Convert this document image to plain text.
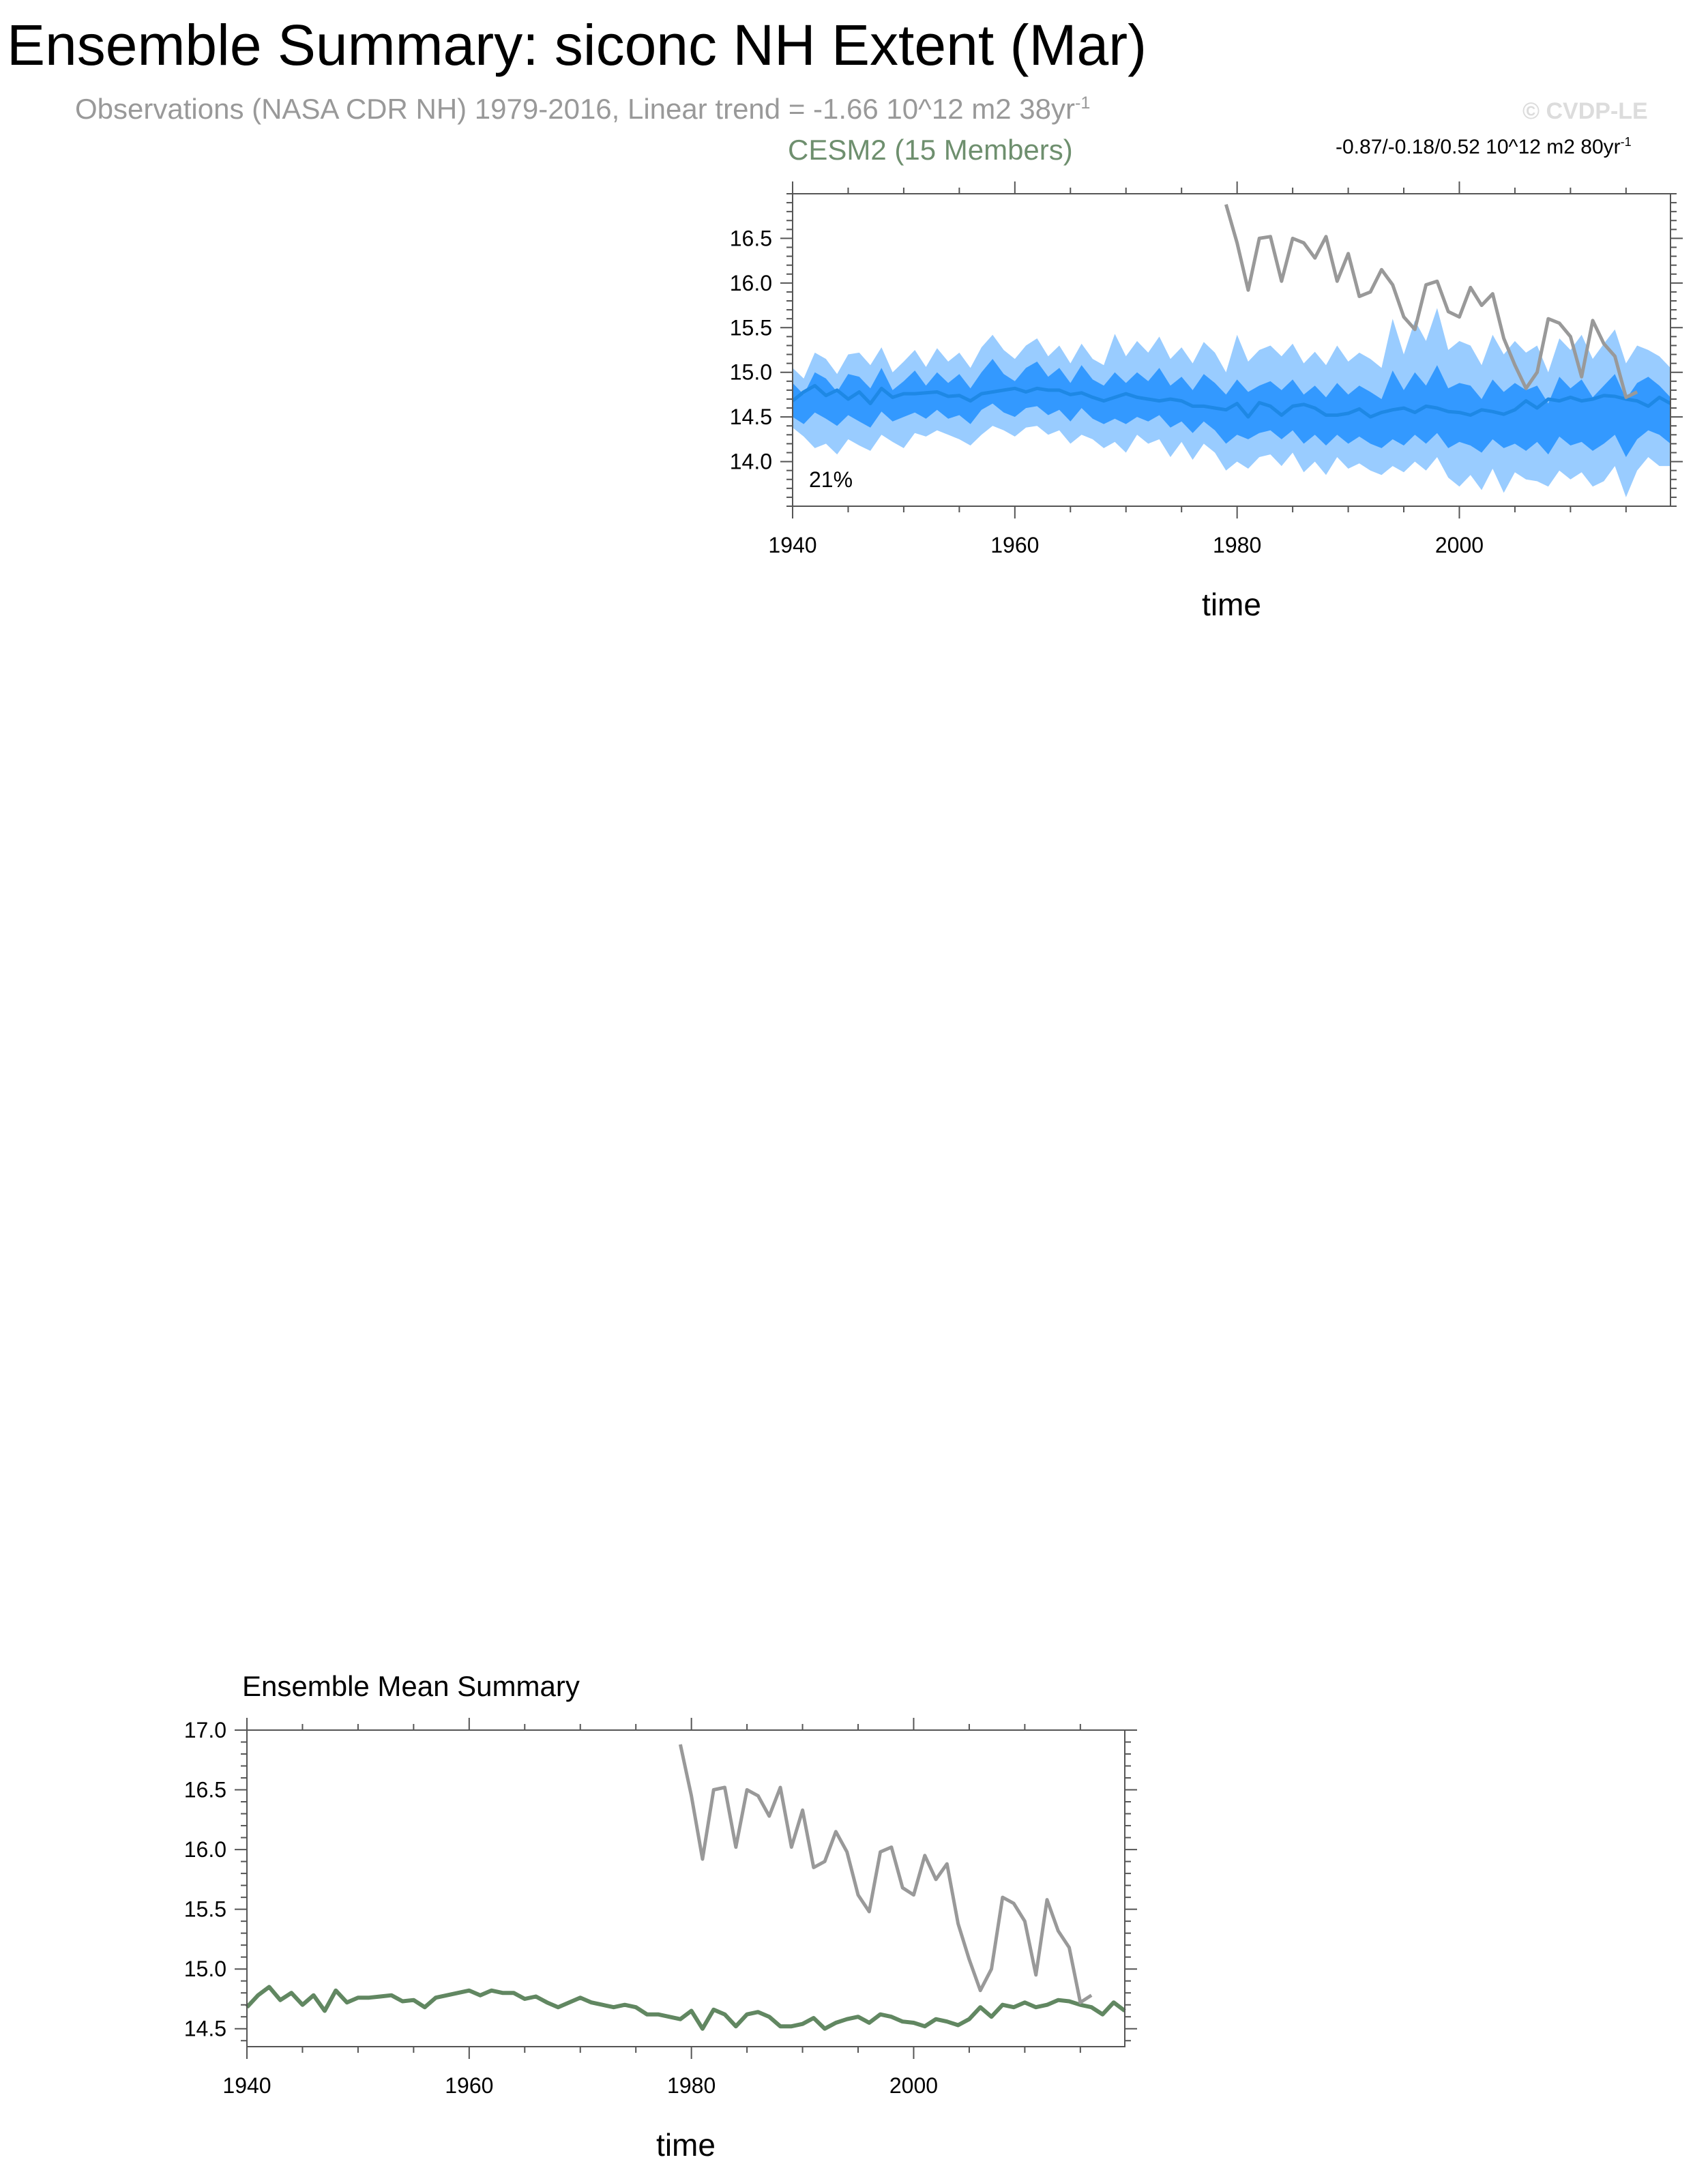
Ensemble Summary: siconc NH Extent (Mar)
Observations (NASA CDR NH) 1979-2016, Linear trend = -1.66 10^12 m2 $38yr^{-1}$	© CVDP-LE
CESM2 (15 Members)	-0.87/-0.18/0.52 10^12 m2 $80yr^{-1}$
Ensemble Mean Summary
21%
1940	1960	1980	2000
14.0
14.5
15.0
15.5
16.0
16.5
time
1940	1960	1980	2000
14.5
15.0
15.5
16.0
16.5
17.0
time
